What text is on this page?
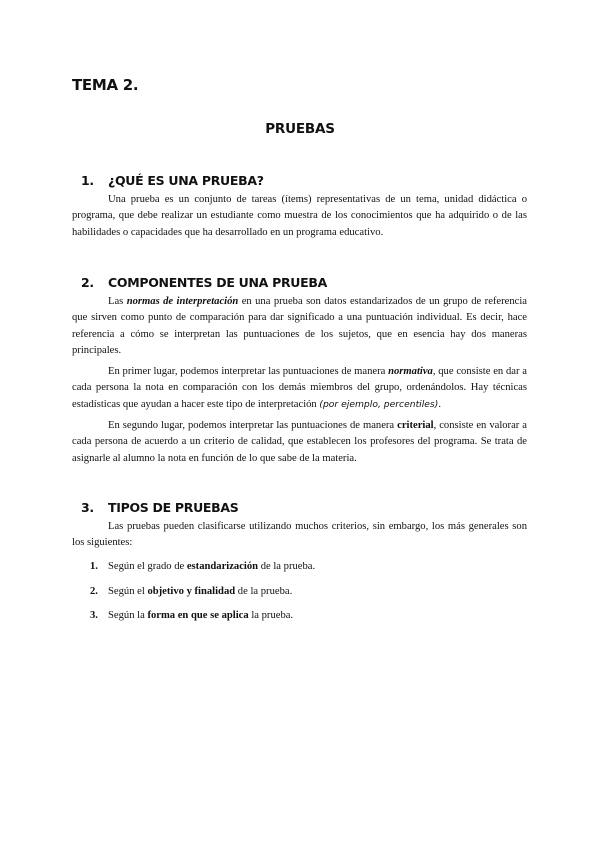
TEMA 2.
PRUEBAS
1. ¿QUÉ ES UNA PRUEBA?

Una prueba es un conjunto de tareas (ítems) representativas de un tema, unidad didáctica o programa, que debe realizar un estudiante como muestra de los conocimientos que ha adquirido o de las habilidades o capacidades que ha desarrollado en un programa educativo.

2. COMPONENTES DE UNA PRUEBA

Las normas de interpretación en una prueba son datos estandarizados de un grupo de referencia que sirven como punto de comparación para dar significado a una puntuación individual. Es decir, hace referencia a cómo se interpretan las puntuaciones de los sujetos, que en esencia hay dos maneras principales.

En primer lugar, podemos interpretar las puntuaciones de manera normativa, que consiste en dar a cada persona la nota en comparación con los demás miembros del grupo, ordenándolos. Hay técnicas estadísticas que ayudan a hacer este tipo de interpretación (por ejemplo, percentiles).

En segundo lugar, podemos interpretar las puntuaciones de manera criterial, consiste en valorar a cada persona de acuerdo a un criterio de calidad, que establecen los profesores del programa. Se trata de asignarle al alumno la nota en función de lo que sabe de la materia.

3. TIPOS DE PRUEBAS

Las pruebas pueden clasificarse utilizando muchos criterios, sin embargo, los más generales son los siguientes:

1. Según el grado de estandarización de la prueba.

2. Según el objetivo y finalidad de la prueba.

3. Según la forma en que se aplica la prueba.
